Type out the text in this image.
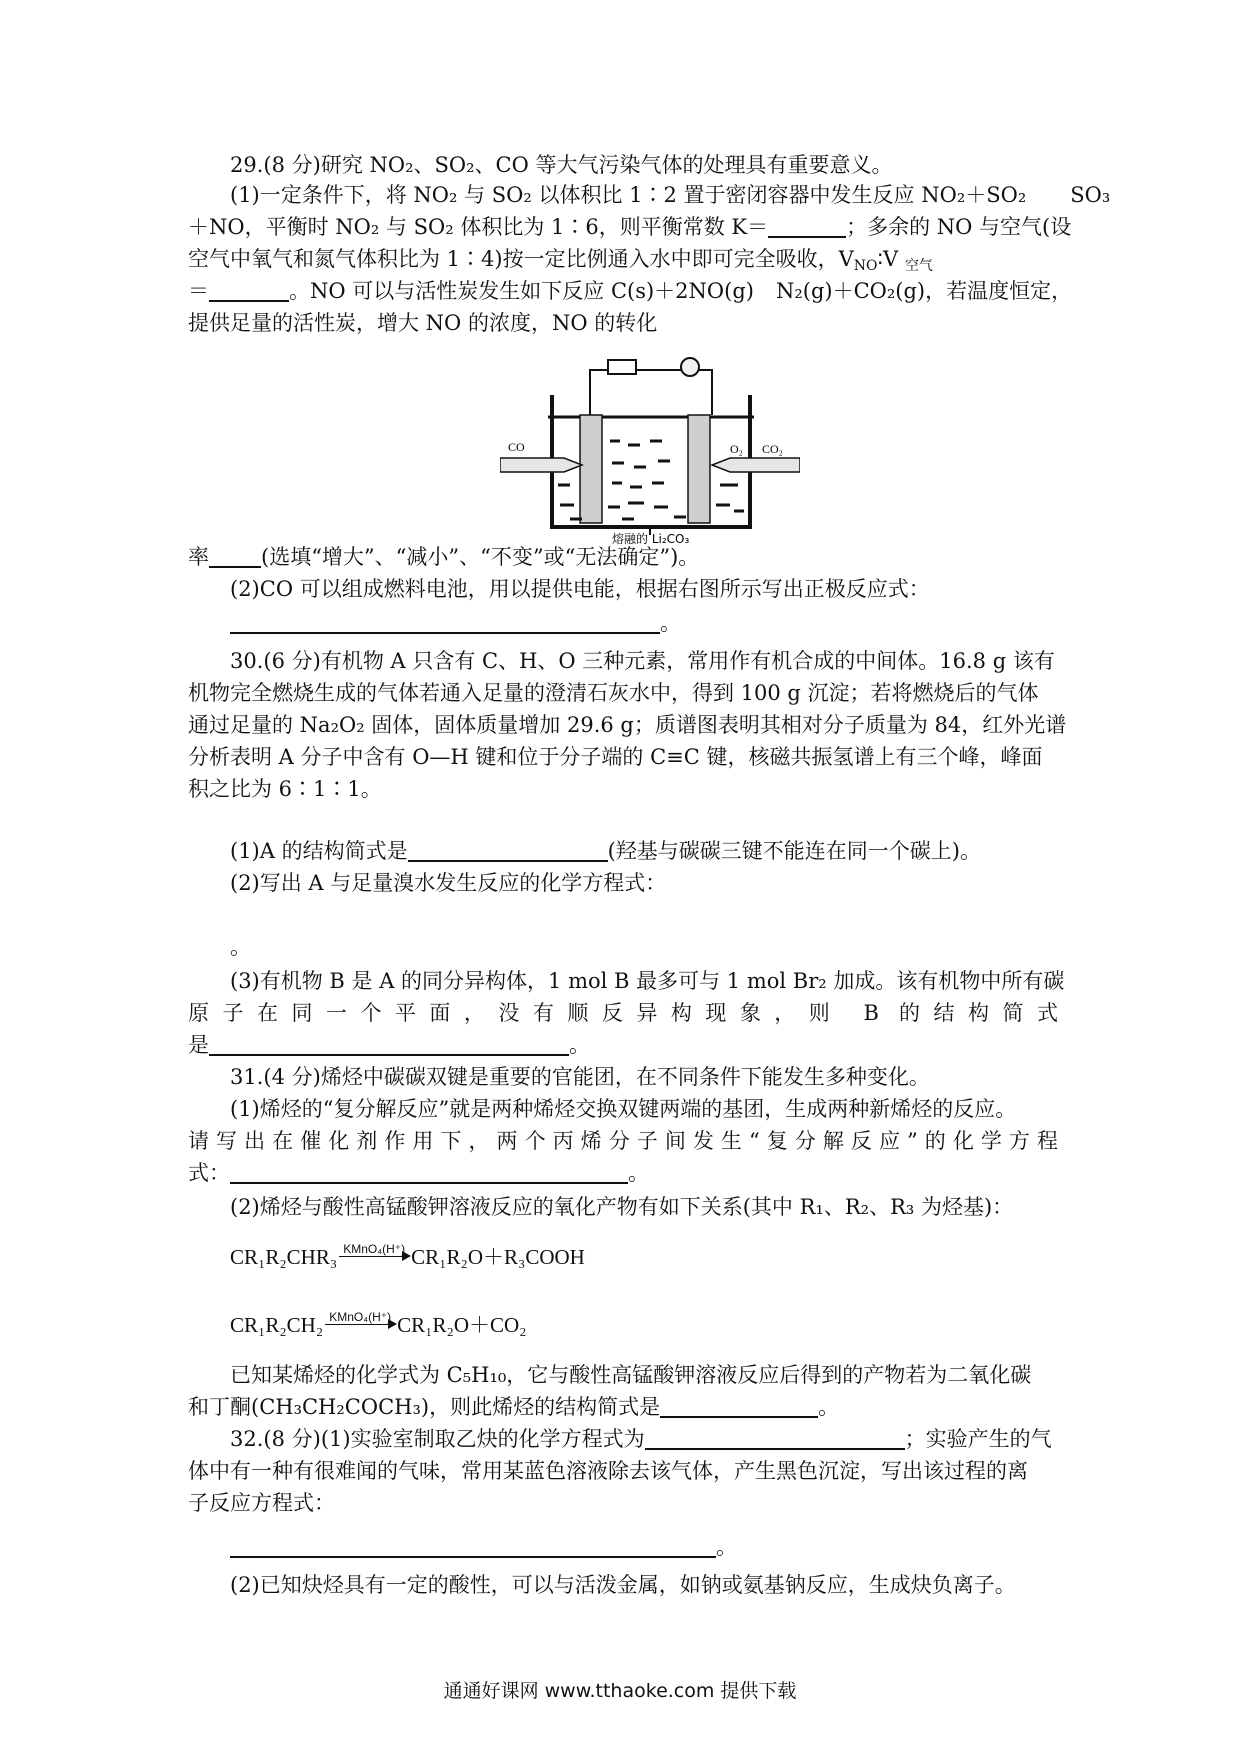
29.(8 分)研究 NO₂、SO₂、CO 等大气污染气体的处理具有重要意义。
(1)一定条件下，将 NO₂ 与 SO₂ 以体积比 1∶2 置于密闭容器中发生反应 NO₂＋SO₂ SO₃
＋NO，平衡时 NO₂ 与 SO₂ 体积比为 1∶6，则平衡常数 K＝	；多余的 NO 与空气(设
空气中氧气和氮气体积比为 1∶4)按一定比例通入水中即可完全吸收，$V_{NO}∶V$ $_{空气}$
＝	。NO 可以与活性炭发生如下反应 C(s)＋2NO(g) N₂(g)＋CO₂(g)，若温度恒定，
提供足量的活性炭，增大 NO 的浓度，NO 的转化
CO	O₂ CO₂
熔融的 Li₂CO₃
率 (选填“增大”、“减小”、“不变”或“无法确定”)。
(2)CO 可以组成燃料电池，用以提供电能，根据右图所示写出正极反应式：
。
30.(6 分)有机物 A 只含有 C、H、O 三种元素，常用作有机合成的中间体。16.8 g 该有
机物完全燃烧生成的气体若通入足量的澄清石灰水中，得到 100 g 沉淀；若将燃烧后的气体
通过足量的 Na₂O₂ 固体，固体质量增加 29.6 g；质谱图表明其相对分子质量为 84，红外光谱
分析表明 A 分子中含有 O—H 键和位于分子端的 C≡C 键，核磁共振氢谱上有三个峰，峰面
积之比为 6∶1∶1。
(1)A 的结构简式是	(羟基与碳碳三键不能连在同一个碳上)。
(2)写出 A 与足量溴水发生反应的化学方程式：
。
(3)有机物 B 是 A 的同分异构体，1 mol B 最多可与 1 mol Br₂ 加成。该有机物中所有碳
原子在同一个平面，没有顺反异构现象，则 B 的结构简式
是	。
31.(4 分)烯烃中碳碳双键是重要的官能团，在不同条件下能发生多种变化。
(1)烯烃的“复分解反应”就是两种烯烃交换双键两端的基团，生成两种新烯烃的反应。
请写出在催化剂作用下，两个丙烯分子间发生“复分解反应”的化学方程
式：	。
(2)烯烃与酸性高锰酸钾溶液反应的氧化产物有如下关系(其中 R₁、R₂、R₃ 为烃基)：
CR₁R₂CHR₃ KMnO₄(H⁺) CR₁R₂O＋R₃COOH
CR₁R₂CH₂ KMnO₄(H⁺) CR₁R₂O＋CO₂
已知某烯烃的化学式为 C₅H₁₀，它与酸性高锰酸钾溶液反应后得到的产物若为二氧化碳
和丁酮(CH₃CH₂COCH₃)，则此烯烃的结构简式是	。
32.(8 分)(1)实验室制取乙炔的化学方程式为	；实验产生的气
体中有一种有很难闻的气味，常用某蓝色溶液除去该气体，产生黑色沉淀，写出该过程的离
子反应方程式：
。
(2)已知炔烃具有一定的酸性，可以与活泼金属，如钠或氨基钠反应，生成炔负离子。
通通好课网 www.tthaoke.com 提供下载
